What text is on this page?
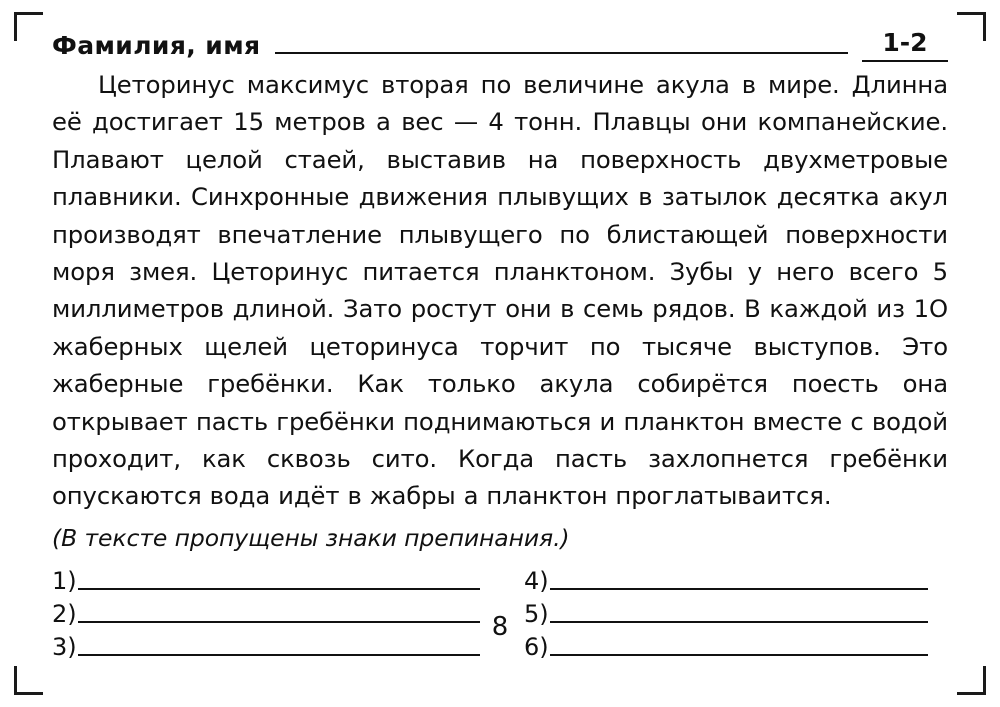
Фамилия, имя	1-2

Цеторинус максимус вторая по величине акула в мире. Длинна её достигает 15 метров а вес — 4 тонн. Плавцы они компанейские. Плавают целой стаей, выставив на поверхность двухметровые плавники. Синхронные движения плывущих в затылок десятка акул производят впечатление плывущего по блистающей поверхности моря змея. Цеторинус питается планктоном. Зубы у него всего 5 миллиметров длиной. Зато ростут они в семь рядов. В каждой из 1О жаберных щелей цеторинуса торчит по тысяче выступов. Это жаберные гребёнки. Как только акула собирётся поесть она открывает пасть гребёнки поднимаються и планктон вместе с водой проходит, как сквозь сито. Когда пасть захлопнется гребёнки опускаются вода идёт в жабры а планктон проглатываится.

(В тексте пропущены знаки препинания.)
1)
2)
3)
4)
5)
6)
8
